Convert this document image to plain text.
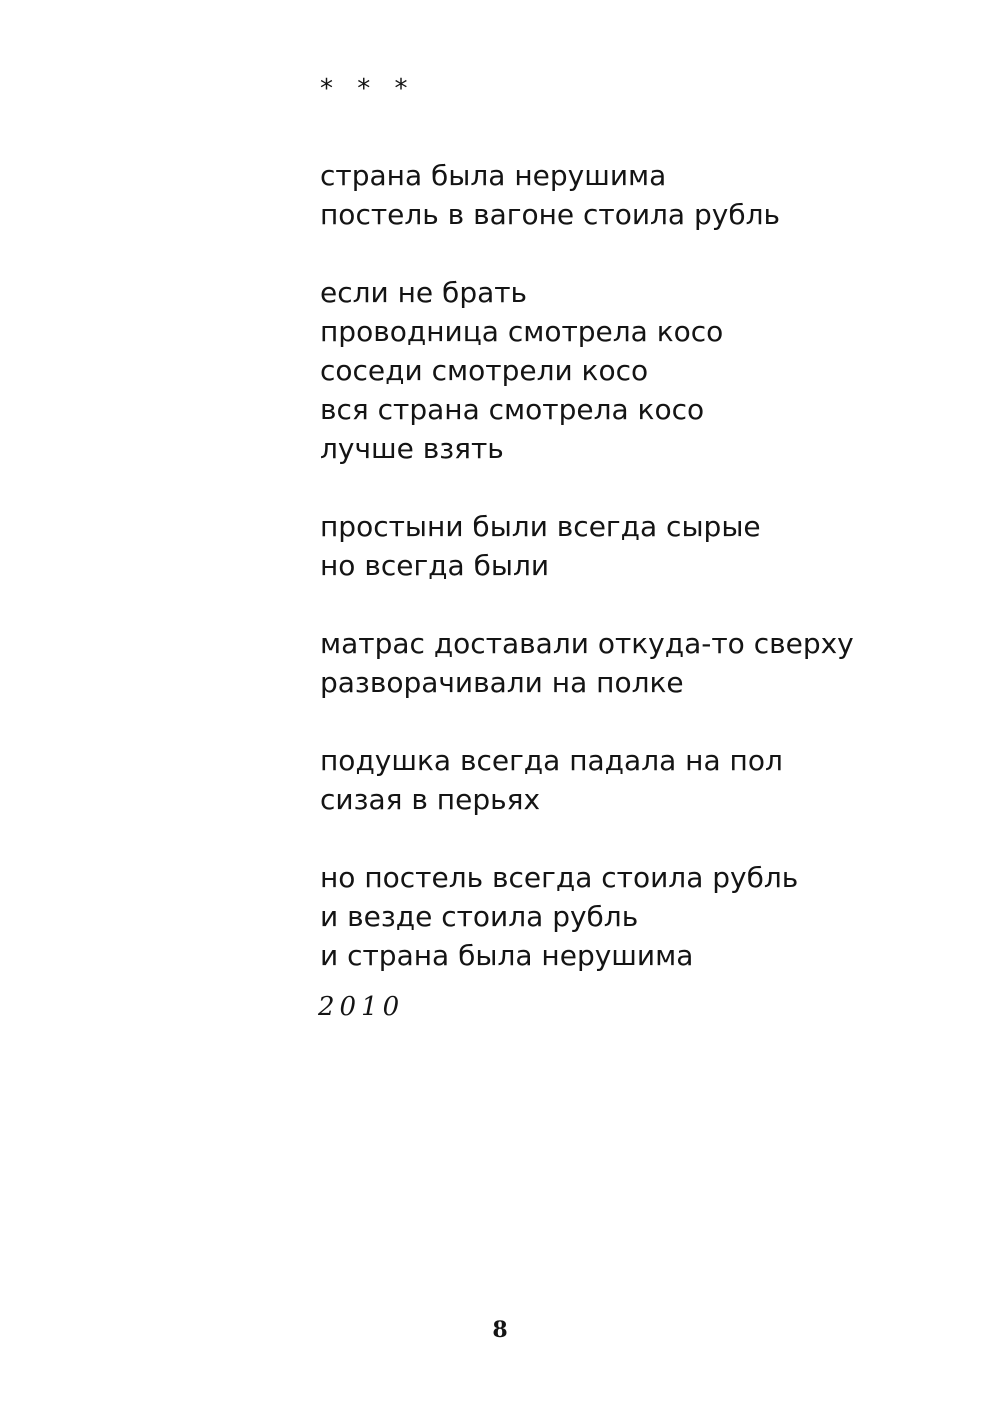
* * *
страна была нерушима
постель в вагоне стоила рубль
если не брать
проводница смотрела косо
соседи смотрели косо
вся страна смотрела косо
лучше взять
простыни были всегда сырые
но всегда были
матрас доставали откуда-то сверху
разворачивали на полке
подушка всегда падала на пол
сизая в перьях
но постель всегда стоила рубль
и везде стоила рубль
и страна была нерушима
2010
8
